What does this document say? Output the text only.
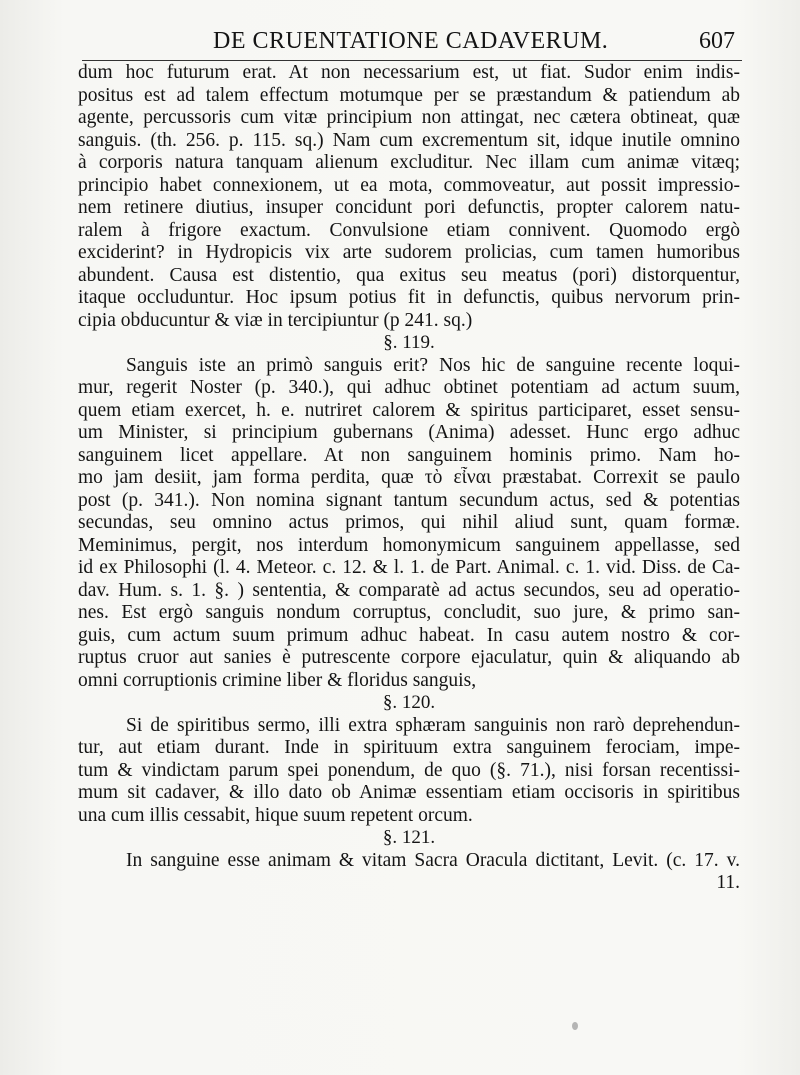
DE CRUENTATIONE CADAVERUM.	607
dum hoc futurum erat. At non necessarium est, ut fiat. Sudor enim indis-
positus est ad talem effectum motumque per se præstandum & patiendum ab
agente, percussoris cum vitæ principium non attingat, nec cætera obtineat, quæ
sanguis. (th. 256. p. 115. sq.) Nam cum excrementum sit, idque inutile omnino
à corporis natura tanquam alienum excluditur. Nec illam cum animæ vitæq;
principio habet connexionem, ut ea mota, commoveatur, aut possit impressio-
nem retinere diutius, insuper concidunt pori defunctis, propter calorem natu-
ralem à frigore exactum. Convulsione etiam connivent. Quomodo ergò
exciderint? in Hydropicis vix arte sudorem prolicias, cum tamen humoribus
abundent. Causa est distentio, qua exitus seu meatus (pori) distorquentur,
itaque occluduntur. Hoc ipsum potius fit in defunctis, quibus nervorum prin-
cipia obducuntur & viæ in tercipiuntur (p 241. sq.)
§. 119.
Sanguis iste an primò sanguis erit? Nos hic de sanguine recente loqui-
mur, regerit Noster (p. 340.), qui adhuc obtinet potentiam ad actum suum,
quem etiam exercet, h. e. nutriret calorem & spiritus participaret, esset sensu-
um Minister, si principium gubernans (Anima) adesset. Hunc ergo adhuc
sanguinem licet appellare. At non sanguinem hominis primo. Nam ho-
mo jam desiit, jam forma perdita, quæ τὸ εἶναι præstabat. Correxit se paulo
post (p. 341.). Non nomina signant tantum secundum actus, sed & potentias
secundas, seu omnino actus primos, qui nihil aliud sunt, quam formæ.
Meminimus, pergit, nos interdum homonymicum sanguinem appellasse, sed
id ex Philosophi (l. 4. Meteor. c. 12. & l. 1. de Part. Animal. c. 1. vid. Diss. de Ca-
dav. Hum. s. 1. §. ) sententia, & comparatè ad actus secundos, seu ad operatio-
nes. Est ergò sanguis nondum corruptus, concludit, suo jure, & primo san-
guis, cum actum suum primum adhuc habeat. In casu autem nostro & cor-
ruptus cruor aut sanies è putrescente corpore ejaculatur, quin & aliquando ab
omni corruptionis crimine liber & floridus sanguis,
§. 120.
Si de spiritibus sermo, illi extra sphæram sanguinis non rarò deprehendun-
tur, aut etiam durant. Inde in spirituum extra sanguinem ferociam, impe-
tum & vindictam parum spei ponendum, de quo (§. 71.), nisi forsan recentissi-
mum sit cadaver, & illo dato ob Animæ essentiam etiam occisoris in spiritibus
una cum illis cessabit, hique suum repetent orcum.
§. 121.
In sanguine esse animam & vitam Sacra Oracula dictitant, Levit. (c. 17. v.
11.
